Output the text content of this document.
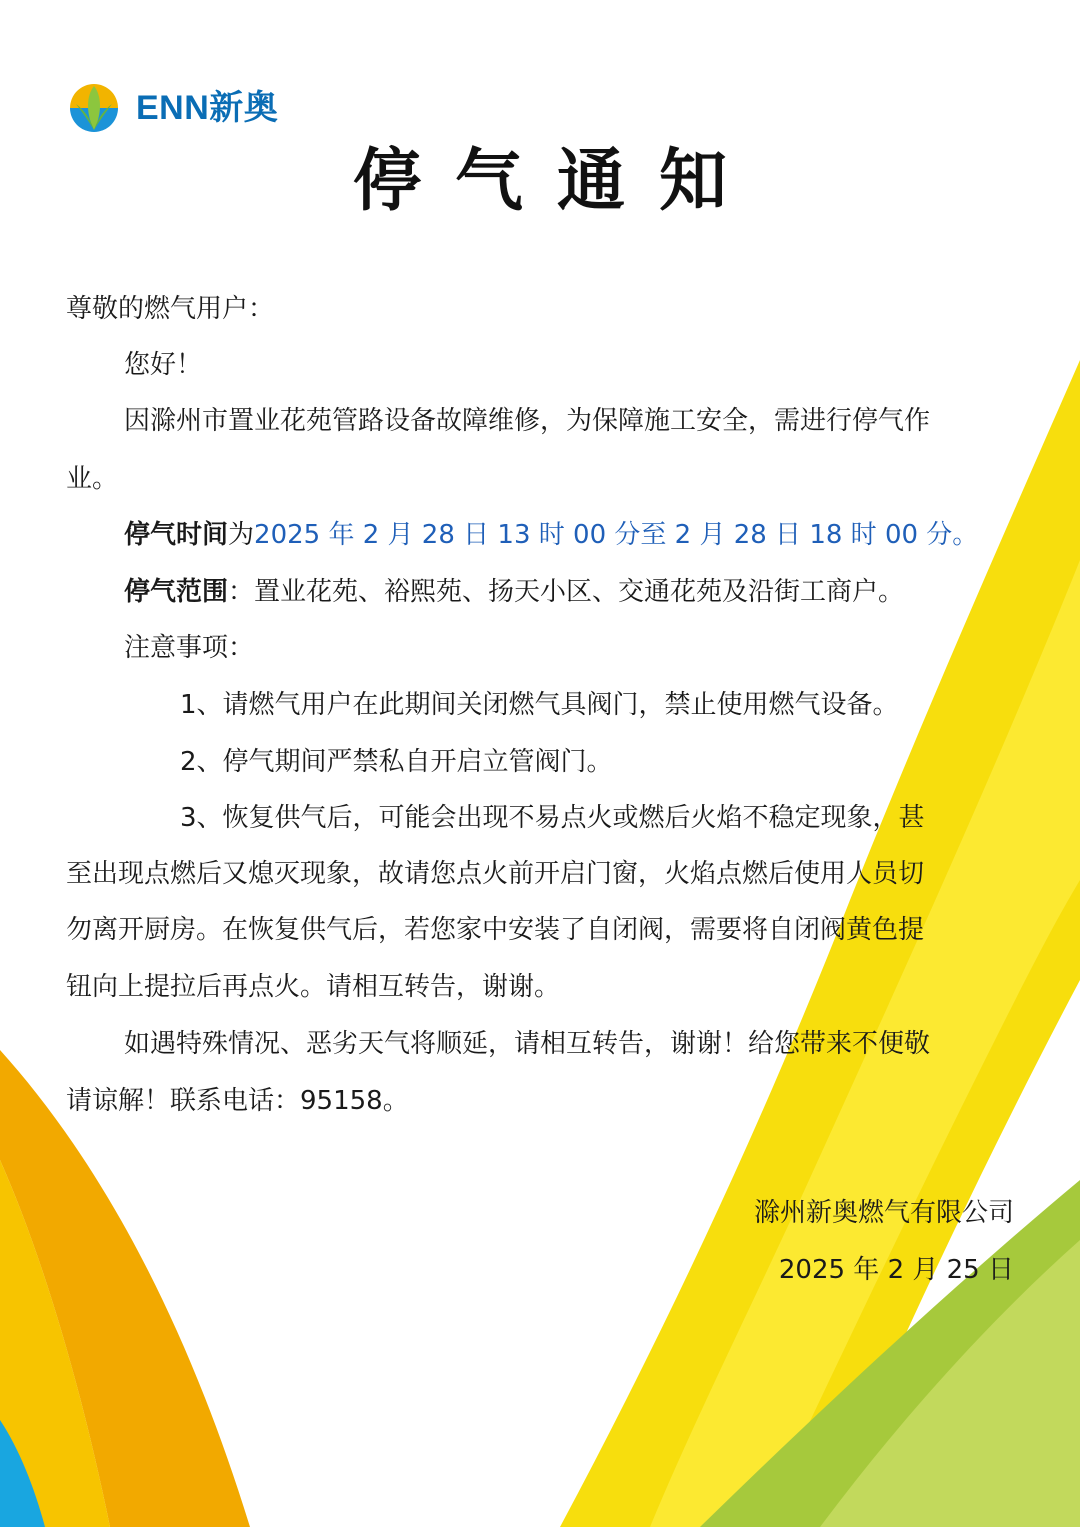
ENN新奥
停气通知
尊敬的燃气用户：
您好！
因滁州市置业花苑管路设备故障维修，为保障施工安全，需进行停气作
业。
停气时间为2025 年 2 月 28 日 13 时 00 分至 2 月 28 日 18 时 00 分。
停气范围：置业花苑、裕熙苑、扬天小区、交通花苑及沿街工商户。
注意事项：
1、请燃气用户在此期间关闭燃气具阀门，禁止使用燃气设备。
2、停气期间严禁私自开启立管阀门。
3、恢复供气后，可能会出现不易点火或燃后火焰不稳定现象，甚
至出现点燃后又熄灭现象，故请您点火前开启门窗，火焰点燃后使用人员切
勿离开厨房。在恢复供气后，若您家中安装了自闭阀，需要将自闭阀黄色提
钮向上提拉后再点火。请相互转告，谢谢。
如遇特殊情况、恶劣天气将顺延，请相互转告，谢谢！给您带来不便敬
请谅解！联系电话：95158。
滁州新奥燃气有限公司
2025 年 2 月 25 日
